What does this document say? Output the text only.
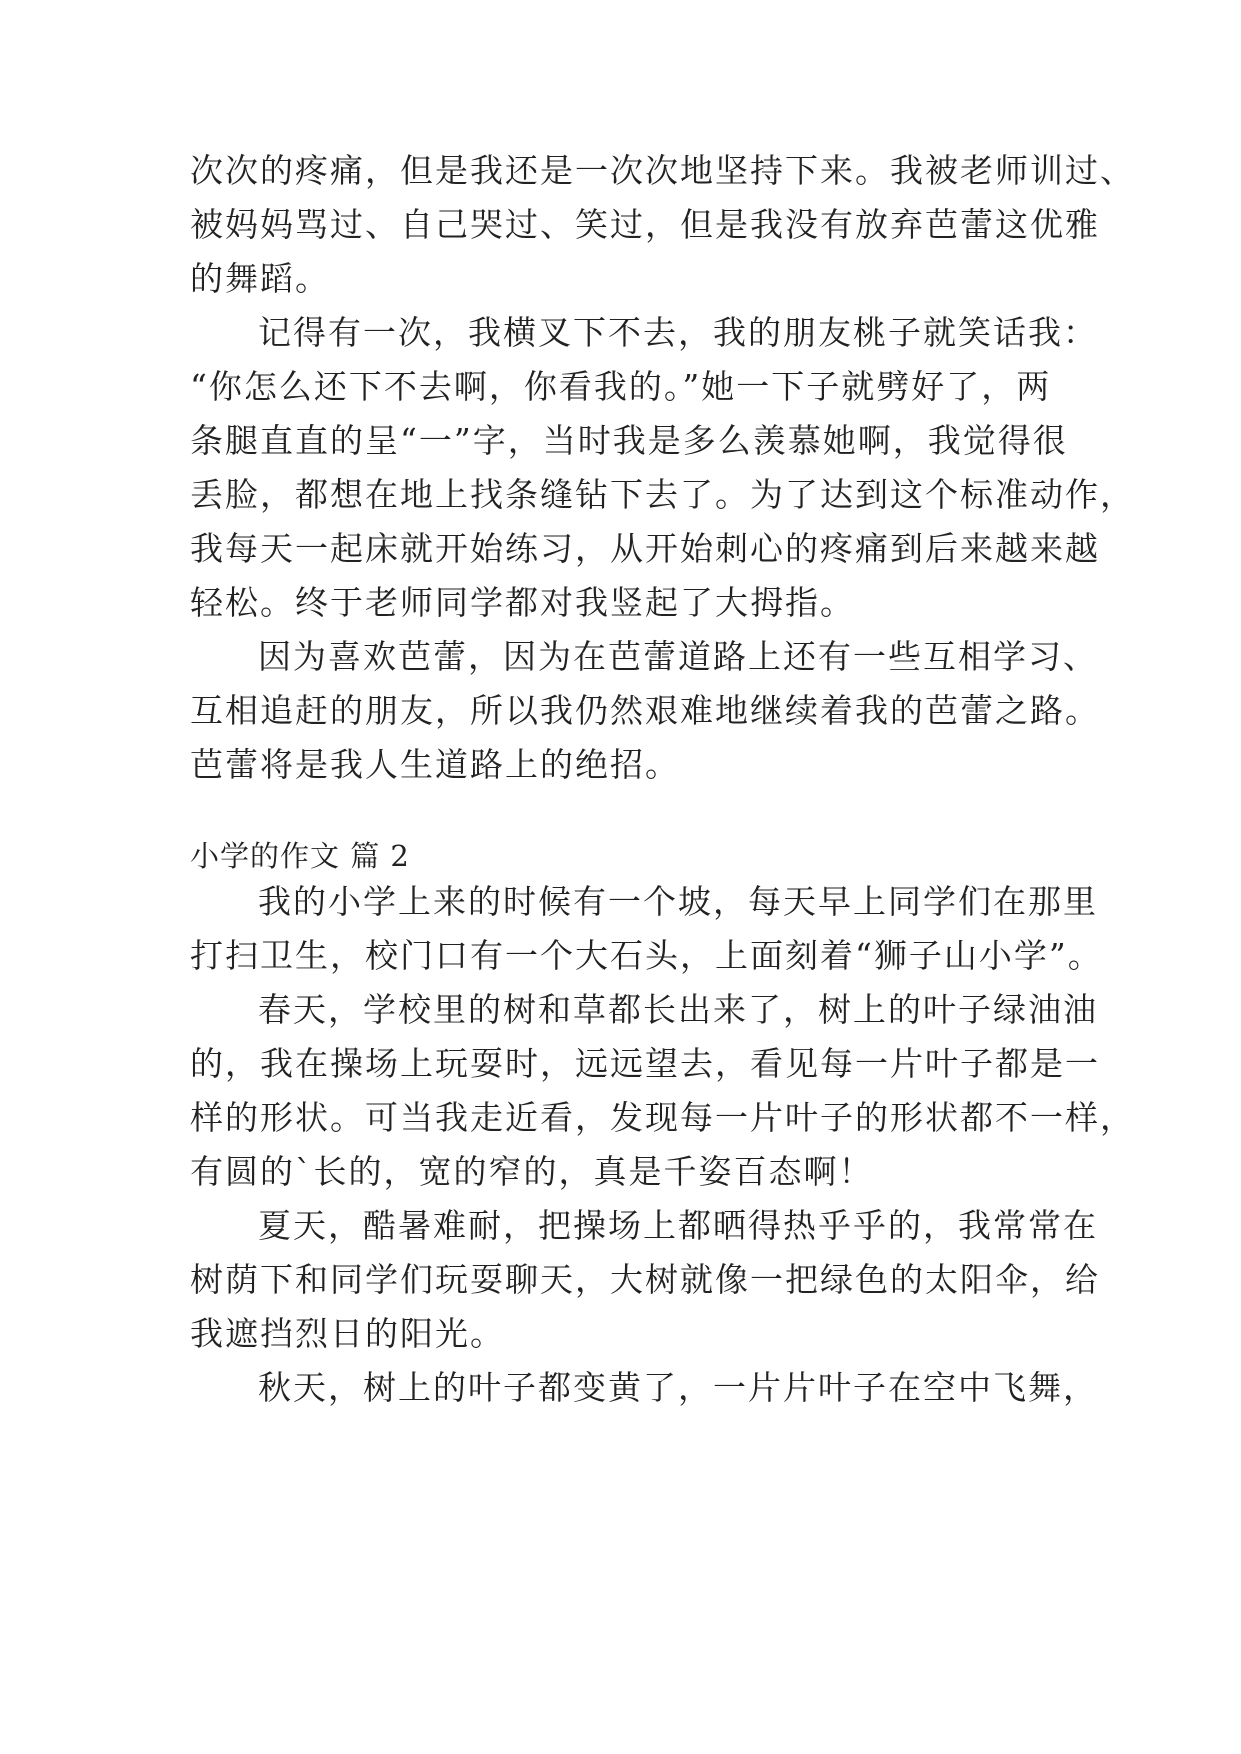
次次的疼痛，但是我还是一次次地坚持下来。我被老师训过、
被妈妈骂过、自己哭过、笑过，但是我没有放弃芭蕾这优雅
的舞蹈。
记得有一次，我横叉下不去，我的朋友桃子就笑话我：
“你怎么还下不去啊，你看我的。”她一下子就劈好了，两
条腿直直的呈“一”字，当时我是多么羡慕她啊，我觉得很
丢脸，都想在地上找条缝钻下去了。为了达到这个标准动作，
我每天一起床就开始练习，从开始刺心的疼痛到后来越来越
轻松。终于老师同学都对我竖起了大拇指。
因为喜欢芭蕾，因为在芭蕾道路上还有一些互相学习、
互相追赶的朋友，所以我仍然艰难地继续着我的芭蕾之路。
芭蕾将是我人生道路上的绝招。
小学的作文 篇 2
我的小学上来的时候有一个坡，每天早上同学们在那里
打扫卫生，校门口有一个大石头，上面刻着“狮子山小学”。
春天，学校里的树和草都长出来了，树上的叶子绿油油
的，我在操场上玩耍时，远远望去，看见每一片叶子都是一
样的形状。可当我走近看，发现每一片叶子的形状都不一样，
有圆的`长的，宽的窄的，真是千姿百态啊！
夏天，酷暑难耐，把操场上都晒得热乎乎的，我常常在
树荫下和同学们玩耍聊天，大树就像一把绿色的太阳伞，给
我遮挡烈日的阳光。
秋天，树上的叶子都变黄了，一片片叶子在空中飞舞，
